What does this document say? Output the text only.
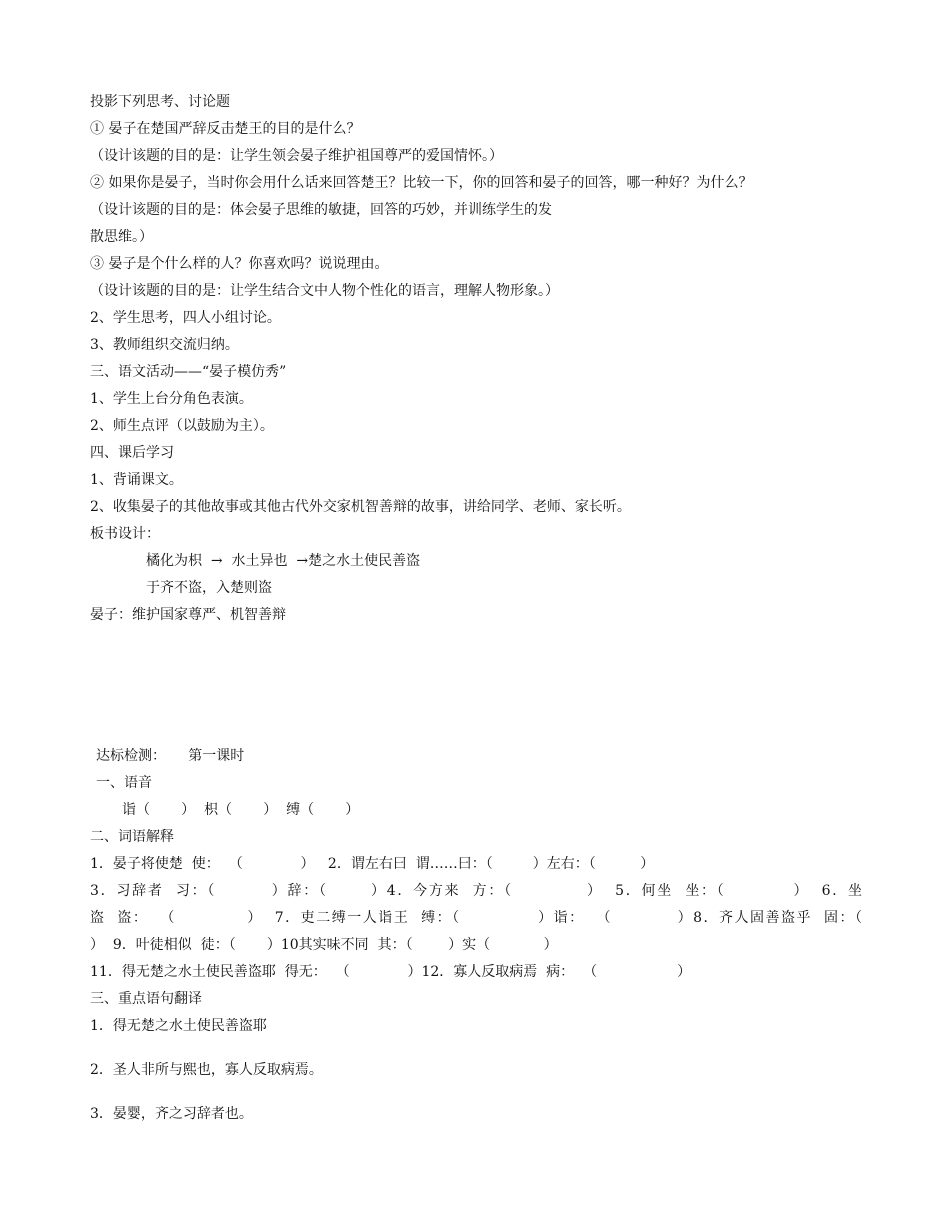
投影下列思考、讨论题
① 晏子在楚国严辞反击楚王的目的是什么？
（设计该题的目的是：让学生领会晏子维护祖国尊严的爱国情怀。）
② 如果你是晏子，当时你会用什么话来回答楚王？比较一下，你的回答和晏子的回答，哪一种好？为什么？
（设计该题的目的是：体会晏子思维的敏捷，回答的巧妙，并训练学生的发
散思维。）
③ 晏子是个什么样的人？你喜欢吗？说说理由。
（设计该题的目的是：让学生结合文中人物个性化的语言，理解人物形象。）
2、学生思考，四人小组讨论。
3、教师组织交流归纳。
三、语文活动——“晏子模仿秀”
1、学生上台分角色表演。
2、师生点评（以鼓励为主）。
四、课后学习
1、背诵课文。
2、收集晏子的其他故事或其他古代外交家机智善辩的故事，讲给同学、老师、家长听。
板书设计：
橘化为枳  →  水土异也  →楚之水土使民善盗
于齐不盗，入楚则盗
晏子：维护国家尊严、机智善辩
达标检测：     第一课时
一、语音
诣（       ）  枳（       ）  缚（       ）
二、词语解释
1．晏子将使楚  使：  （             ）   2．谓左右曰  谓……曰：（         ）左右：（          ）
3．习辞者  习：（         ）辞：（       ）4．今方来  方：（            ）  5．何坐  坐：（           ）  6．坐
盗  盗：  （            ）  7．吏二缚一人诣王  缚：（             ）诣：  （           ）8．齐人固善盗乎  固：（
）  9．叶徒相似  徒：（       ）10其实味不同  其：（        ）实（            ）
11．得无楚之水土使民善盗耶  得无：  （             ）12．寡人反取病焉  病：  （                  ）
三、重点语句翻译
1．得无楚之水土使民善盗耶
2．圣人非所与熙也，寡人反取病焉。
3．晏婴，齐之习辞者也。
